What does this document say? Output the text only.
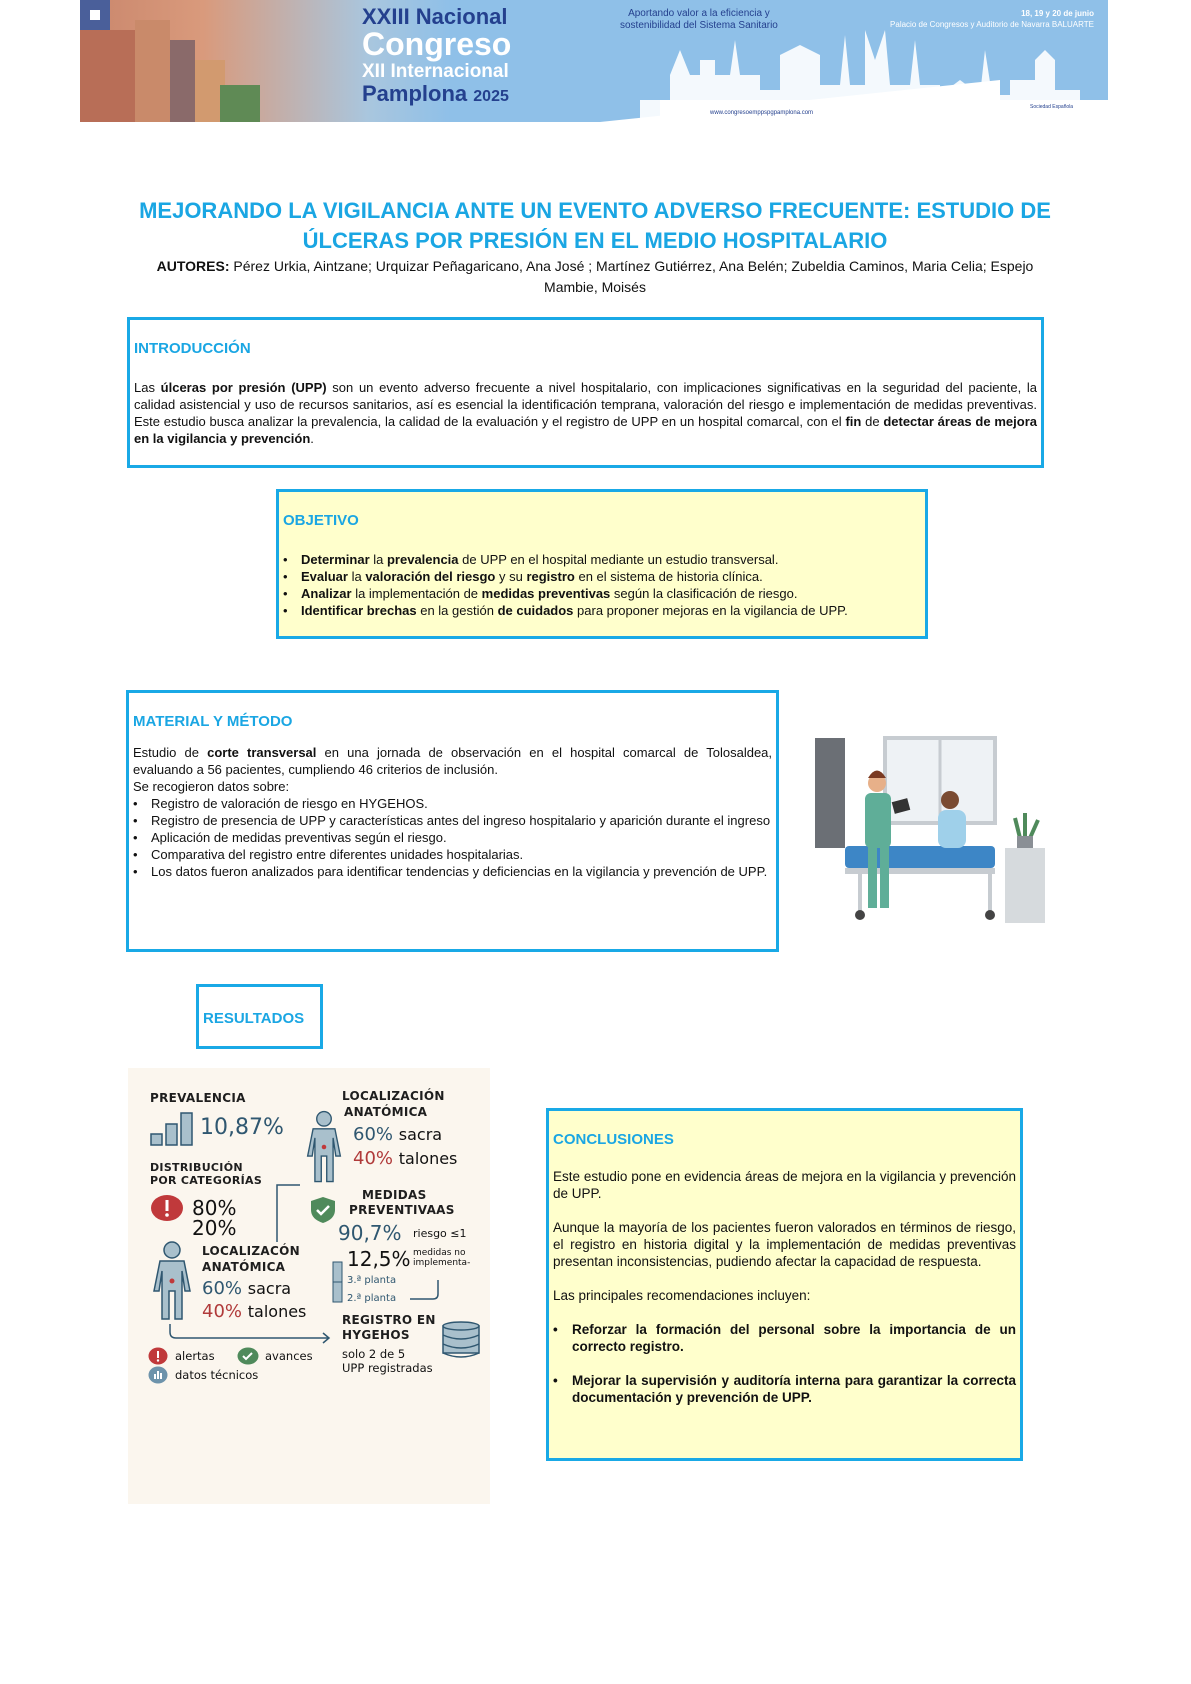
XXIII Nacional
Congreso
XII Internacional
Pamplona 2025
Aportando valor a la eficiencia y
sostenibilidad del Sistema Sanitario
18, 19 y 20 de junio
Palacio de Congresos y Auditorio de Navarra BALUARTE
www.congresoemppspgpamplona.com
Sociedad Española
MEJORANDO LA VIGILANCIA ANTE UN EVENTO ADVERSO FRECUENTE: ESTUDIO DE ÚLCERAS POR PRESIÓN EN EL MEDIO HOSPITALARIO
AUTORES: Pérez Urkia, Aintzane; Urquizar Peñagaricano, Ana José ; Martínez Gutiérrez, Ana Belén; Zubeldia Caminos, Maria Celia; Espejo Mambie, Moisés
INTRODUCCIÓN

Las úlceras por presión (UPP) son un evento adverso frecuente a nivel hospitalario, con implicaciones significativas en la seguridad del paciente, la calidad asistencial y uso de recursos sanitarios, así es esencial la identificación temprana, valoración del riesgo e implementación de medidas preventivas. Este estudio busca analizar la prevalencia, la calidad de la evaluación y el registro de UPP en un hospital comarcal, con el fin de detectar áreas de mejora en la vigilancia y prevención.

OBJETIVO
• Determinar la prevalencia de UPP en el hospital mediante un estudio transversal.
• Evaluar la valoración del riesgo y su registro en el sistema de historia clínica.
• Analizar la implementación de medidas preventivas según la clasificación de riesgo.
• Identificar brechas en la gestión de cuidados para proponer mejoras en la vigilancia de UPP.
MATERIAL Y MÉTODO

Estudio de corte transversal en una jornada de observación en el hospital comarcal de Tolosaldea, evaluando a 56 pacientes, cumpliendo 46 criterios de inclusión.

Se recogieron datos sobre:

• Registro de valoración de riesgo en HYGEHOS.
• Registro de presencia de UPP y características antes del ingreso hospitalario y aparición durante el ingreso
• Aplicación de medidas preventivas según el riesgo.
• Comparativa del registro entre diferentes unidades hospitalarias.
• Los datos fueron analizados para identificar tendencias y deficiencias en la vigilancia y prevención de UPP.
RESULTADOS
PREVALENCIA
10,87%
DISTRIBUCIÓN
POR CATEGORÍAS
80%
20%
LOCALIZACÓN
ANATÓMICA
60% sacra
40% talones
LOCALIZACIÓN
ANATÓMICA
60% sacra
40% talones
MEDIDAS
PREVENTIVAAS
90,7% riesgo ≤1
12,5% medidas no
implementa-
3.ª planta
2.ª planta
REGISTRO EN
HYGEHOS
solo 2 de 5
UPP registradas
alertas	avances
datos técnicos
CONCLUSIONES

Este estudio pone en evidencia áreas de mejora en la vigilancia y prevención de UPP.

Aunque la mayoría de los pacientes fueron valorados en términos de riesgo, el registro en historia digital y la implementación de medidas preventivas presentan inconsistencias, pudiendo afectar la capacidad de respuesta.

Las principales recomendaciones incluyen:

• Reforzar la formación del personal sobre la importancia de un correcto registro.
• Mejorar la supervisión y auditoría interna para garantizar la correcta documentación y prevención de UPP.
